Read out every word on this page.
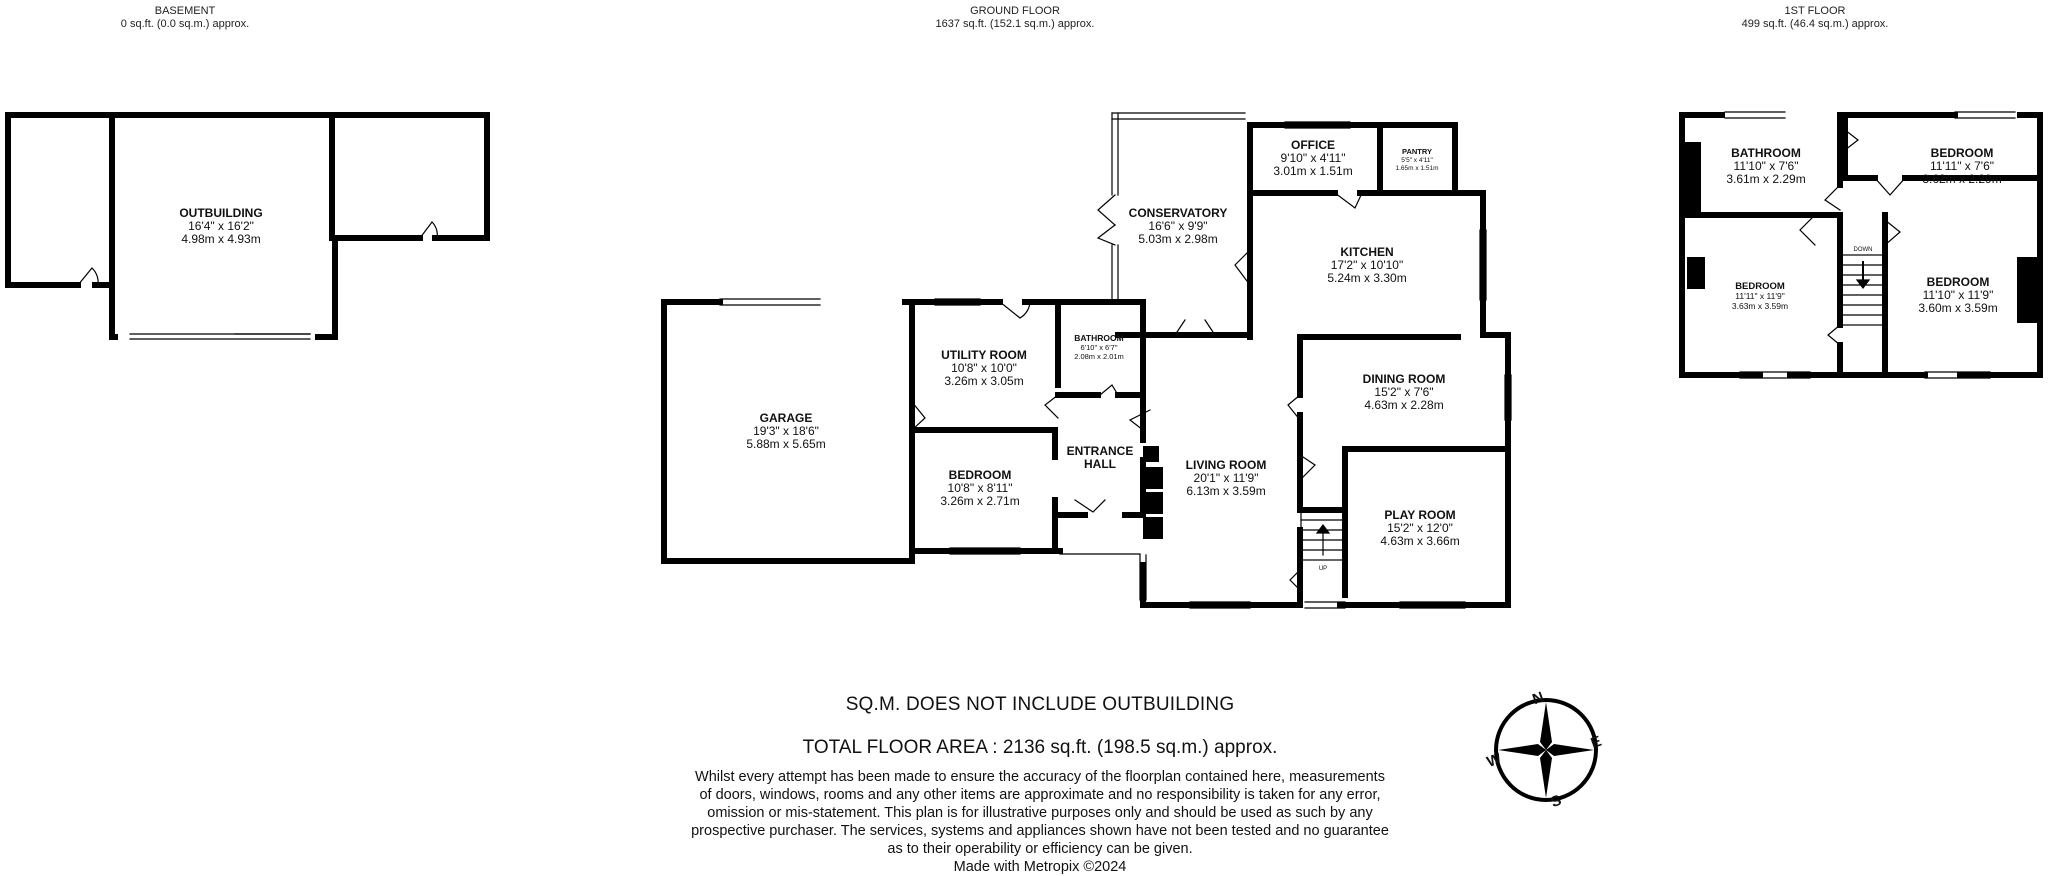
BASEMENT
0 sq.ft. (0.0 sq.m.) approx.
GROUND FLOOR
1637 sq.ft. (152.1 sq.m.) approx.
1ST FLOOR
499 sq.ft. (46.4 sq.m.) approx.
OUTBUILDING
16'4" x 16'2"
4.98m x 4.93m
GARAGE
19'3" x 18'6"
5.88m x 5.65m
UTILITY ROOM
10'8" x 10'0"
3.26m x 3.05m
BATHROOM
6'10" x 6'7"
2.08m x 2.01m
BEDROOM
10'8" x 8'11"
3.26m x 2.71m
ENTRANCE
HALL
CONSERVATORY
16'6" x 9'9"
5.03m x 2.98m
OFFICE
9'10" x 4'11"
3.01m x 1.51m
PANTRY
5'5" x 4'11"
1.65m x 1.51m
KITCHEN
17'2" x 10'10"
5.24m x 3.30m
DINING ROOM
15'2" x 7'6"
4.63m x 2.28m
LIVING ROOM
20'1" x 11'9"
6.13m x 3.59m
PLAY ROOM
15'2" x 12'0"
4.63m x 3.66m
BATHROOM
11'10" x 7'6"
3.61m x 2.29m
BEDROOM
11'11" x 7'6"
3.62m x 2.29m
BEDROOM
11'11" x 11'9"
3.63m x 3.59m
BEDROOM
11'10" x 11'9"
3.60m x 3.59m
UP
DOWN
N
E
S
W
SQ.M. DOES NOT INCLUDE OUTBUILDING
TOTAL FLOOR AREA : 2136 sq.ft. (198.5 sq.m.) approx.
Whilst every attempt has been made to ensure the accuracy of the floorplan contained here, measurements
of doors, windows, rooms and any other items are approximate and no responsibility is taken for any error,
omission or mis-statement. This plan is for illustrative purposes only and should be used as such by any
prospective purchaser. The services, systems and appliances shown have not been tested and no guarantee
as to their operability or efficiency can be given.
Made with Metropix ©2024
